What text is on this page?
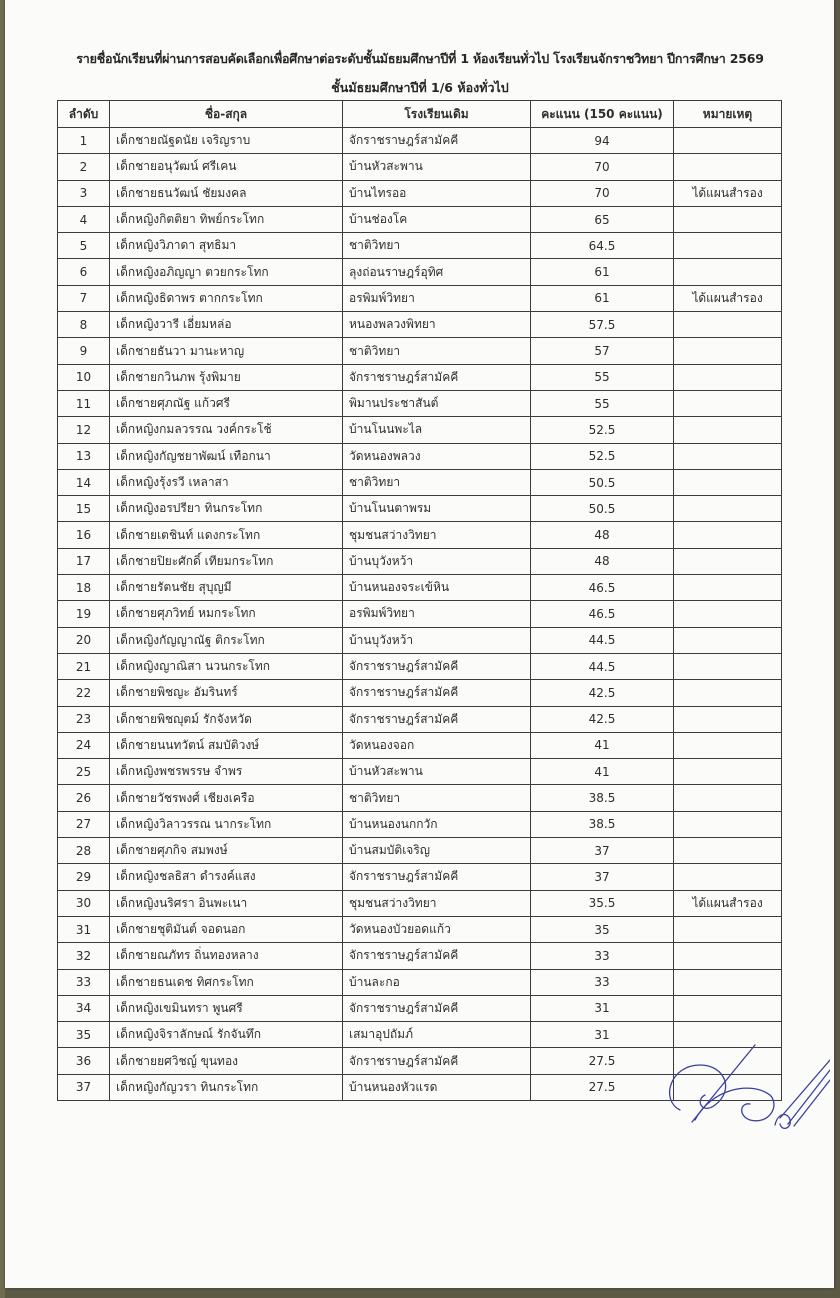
รายชื่อนักเรียนที่ผ่านการสอบคัดเลือกเพื่อศึกษาต่อระดับชั้นมัธยมศึกษาปีที่ 1 ห้องเรียนทั่วไป โรงเรียนจักราชวิทยา ปีการศึกษา 2569
ชั้นมัธยมศึกษาปีที่ 1/6 ห้องทั่วไป
ลำดับ	ชื่อ-สกุล	โรงเรียนเดิม	คะแนน (150 คะแนน)	หมายเหตุ
1	เด็กชายณัฐดนัย เจริญราบ	จักราชราษฎร์สามัคคี	94	
2	เด็กชายอนุวัฒน์ ศรีเคน	บ้านหัวสะพาน	70	
3	เด็กชายธนวัฒน์ ชัยมงคล	บ้านไทรออ	70	ได้แผนสำรอง
4	เด็กหญิงกิตติยา ทิพย์กระโทก	บ้านช่องโค	65	
5	เด็กหญิงวิภาดา สุทธิมา	ชาติวิทยา	64.5	
6	เด็กหญิงอภิญญา ตวยกระโทก	ลุงถ่อนราษฎร์อุทิศ	61	
7	เด็กหญิงธิดาพร ตากกระโทก	อรพิมพ์วิทยา	61	ได้แผนสำรอง
8	เด็กหญิงวารี เอี่ยมหล่อ	หนองพลวงพิทยา	57.5	
9	เด็กชายธันวา มานะหาญ	ชาติวิทยา	57	
10	เด็กชายกวินภพ รุ้งพิมาย	จักราชราษฎร์สามัคคี	55	
11	เด็กชายศุภณัฐ แก้วศรี	พิมานประชาสันต์	55	
12	เด็กหญิงกมลวรรณ วงค์กระโช้	บ้านโนนพะไล	52.5	
13	เด็กหญิงกัญชยาพัฒน์ เทือกนา	วัดหนองพลวง	52.5	
14	เด็กหญิงรุ้งรวี เหลาสา	ชาติวิทยา	50.5	
15	เด็กหญิงอรปรียา ทินกระโทก	บ้านโนนตาพรม	50.5	
16	เด็กชายเตชินท์ แดงกระโทก	ชุมชนสว่างวิทยา	48	
17	เด็กชายปิยะศักดิ์ เทียมกระโทก	บ้านบุวังหว้า	48	
18	เด็กชายรัตนชัย สุบุญมี	บ้านหนองจระเข้หิน	46.5	
19	เด็กชายศุภวิทย์ หมกระโทก	อรพิมพ์วิทยา	46.5	
20	เด็กหญิงกัญญาณัฐ ติกระโทก	บ้านบุวังหว้า	44.5	
21	เด็กหญิงญาณิสา นวนกระโทก	จักราชราษฎร์สามัคคี	44.5	
22	เด็กชายพิชญะ อัมรินทร์	จักราชราษฎร์สามัคคี	42.5	
23	เด็กชายพิชญุตม์ รักจังหวัด	จักราชราษฎร์สามัคคี	42.5	
24	เด็กชายนนทวัตน์ สมบัติวงษ์	วัดหนองจอก	41	
25	เด็กหญิงพชรพรรษ จำพร	บ้านหัวสะพาน	41	
26	เด็กชายวัชรพงศ์ เชียงเครือ	ชาติวิทยา	38.5	
27	เด็กหญิงวิลาวรรณ นากระโทก	บ้านหนองนกกวัก	38.5	
28	เด็กชายศุภกิจ สมพงษ์	บ้านสมบัติเจริญ	37	
29	เด็กหญิงชลธิสา ดำรงค์แสง	จักราชราษฎร์สามัคคี	37	
30	เด็กหญิงนริศรา อินพะเนา	ชุมชนสว่างวิทยา	35.5	ได้แผนสำรอง
31	เด็กชายชุติมันต์ จอดนอก	วัดหนองบัวยอดแก้ว	35	
32	เด็กชายณภัทร ถิ่นทองหลาง	จักราชราษฎร์สามัคคี	33	
33	เด็กชายธนเดช ทิศกระโทก	บ้านละกอ	33	
34	เด็กหญิงเขมินทรา พูนศรี	จักราชราษฎร์สามัคคี	31	
35	เด็กหญิงจิราลักษณ์ รักจันทึก	เสมาอุปถัมภ์	31	
36	เด็กชายยศวิชญ์ ขุนทอง	จักราชราษฎร์สามัคคี	27.5	
37	เด็กหญิงกัญวรา ทินกระโทก	บ้านหนองหัวแรด	27.5	
